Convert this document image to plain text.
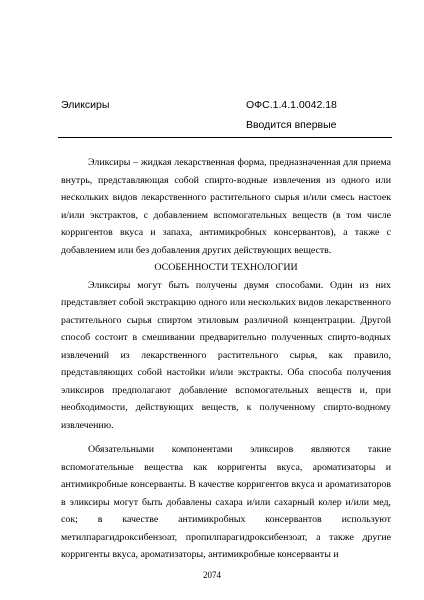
Эликсиры	ОФС.1.4.1.0042.18
Вводится впервые

Эликсиры – жидкая лекарственная форма, предназначенная для приема внутрь, представляющая собой спирто-водные извлечения из одного или нескольких видов лекарственного растительного сырья и/или смесь настоек и/или экстрактов, с добавлением вспомогательных веществ (в том числе корригентов вкуса и запаха, антимикробных консервантов), а также с добавлением или без добавления других действующих веществ.

ОСОБЕННОСТИ ТЕХНОЛОГИИ

Эликсиры могут быть получены двумя способами. Один из них представляет собой экстракцию одного или нескольких видов лекарственного растительного сырья спиртом этиловым различной концентрации. Другой способ состоит в смешивании предварительно полученных спирто-водных извлечений из лекарственного растительного сырья, как правило, представляющих собой настойки и/или экстракты. Оба способа получения эликсиров предполагают добавление вспомогательных веществ и, при необходимости, действующих веществ, к полученному спирто-водному извлечению.

Обязательными компонентами эликсиров являются такие вспомогательные вещества как корригенты вкуса, ароматизаторы и антимикробные консерванты. В качестве корригентов вкуса и ароматизаторов в эликсиры могут быть добавлены сахара и/или сахарный колер и/или мед, сок; в качестве антимикробных консервантов используют метилпарагидроксибензоат, пропилпарагидроксибензоат, а также другие корригенты вкуса, ароматизаторы, антимикробные консерванты и

2074
